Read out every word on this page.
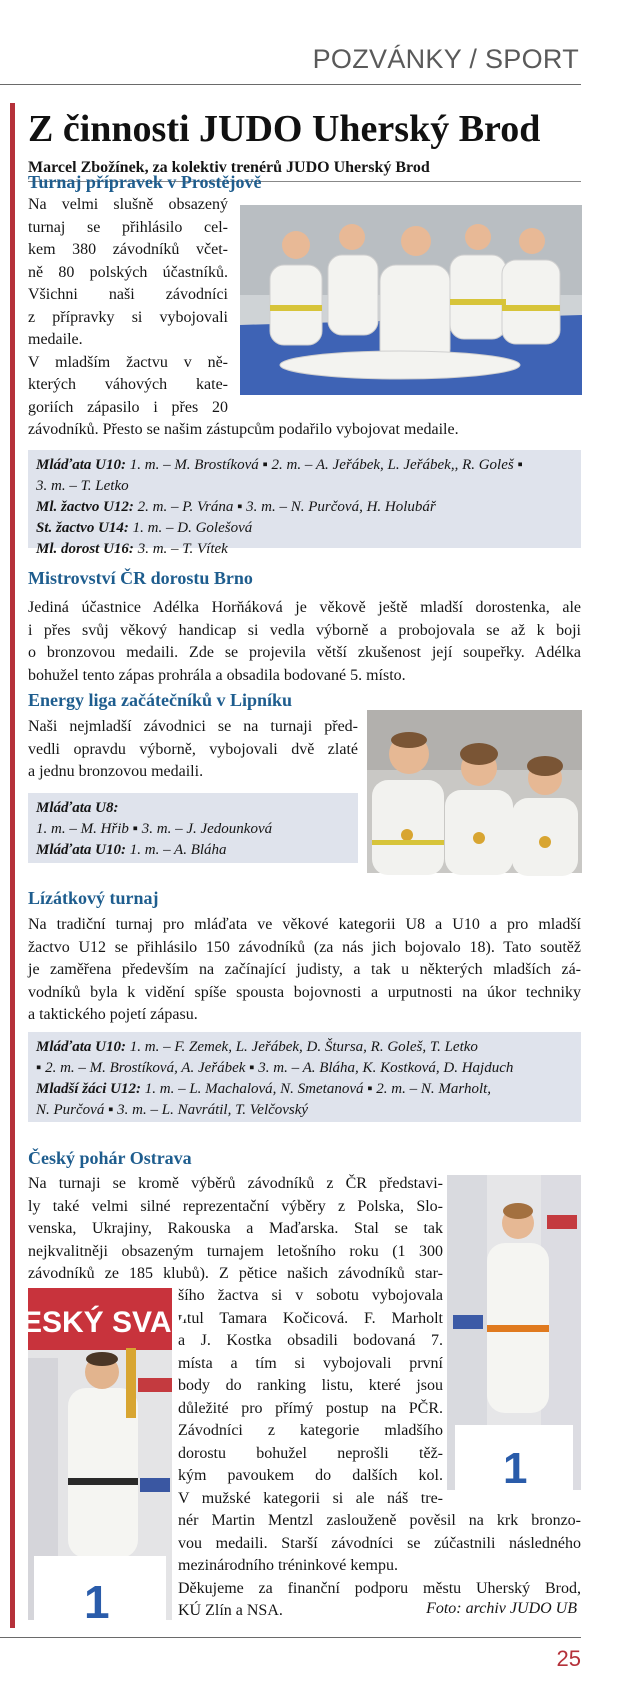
POZVÁNKY / SPORT
Z činnosti JUDO Uherský Brod
Marcel Zbožínek, za kolektiv trenérů JUDO Uherský Brod
Turnaj přípravek v Prostějově
Na velmi slušně obsazený
turnaj se přihlásilo cel-
kem 380 závodníků včet-
ně 80 polských účastníků.
Všichni naši závodníci
z přípravky si vybojovali
medaile.
V mladším žactvu v ně-
kterých váhových kate-
goriích zápasilo i přes 20
závodníků. Přesto se našim zástupcům podařilo vybojovat medaile.
Mláďata U10: 1. m. – M. Brostíková ▪ 2. m. – A. Jeřábek, L. Jeřábek,, R. Goleš ▪
3. m. – T. Letko
Ml. žactvo U12: 2. m. – P. Vrána ▪ 3. m. – N. Purčová, H. Holubář
St. žactvo U14: 1. m. – D. Golešová
Ml. dorost U16: 3. m. – T. Vítek
Mistrovství ČR dorostu Brno
Jediná účastnice Adélka Horňáková je věkově ještě mladší dorostenka, ale
i přes svůj věkový handicap si vedla výborně a probojovala se až k boji
o bronzovou medaili. Zde se projevila větší zkušenost její soupeřky. Adélka
bohužel tento zápas prohrála a obsadila bodované 5. místo.
Energy liga začátečníků v Lipníku
Naši nejmladší závodnici se na turnaji před-
vedli opravdu výborně, vybojovali dvě zlaté
a jednu bronzovou medaili.
Mláďata U8:
1. m. – M. Hřib ▪ 3. m. – J. Jedounková
Mláďata U10: 1. m. – A. Bláha
Lízátkový turnaj
Na tradiční turnaj pro mláďata ve věkové kategorii U8 a U10 a pro mladší
žactvo U12 se přihlásilo 150 závodníků (za nás jich bojovalo 18). Tato soutěž
je zaměřena především na začínající judisty, a tak u některých mladších zá-
vodníků byla k vidění spíše spousta bojovnosti a urputnosti na úkor techniky
a taktického pojetí zápasu.
Mláďata U10: 1. m. – F. Zemek, L. Jeřábek, D. Štursa, R. Goleš, T. Letko
▪ 2. m. – M. Brostíková, A. Jeřábek ▪ 3. m. – A. Bláha, K. Kostková, D. Hajduch
Mladší žáci U12: 1. m. – L. Machalová, N. Smetanová ▪ 2. m. – N. Marholt,
N. Purčová ▪ 3. m. – L. Navrátil, T. Velčovský
Český pohár Ostrava
Na turnaji se kromě výběrů závodníků z ČR představi-
ly také velmi silné reprezentační výběry z Polska, Slo-
venska, Ukrajiny, Rakouska a Maďarska. Stal se tak
nejkvalitněji obsazeným turnajem letošního roku (1 300
závodníků ze 185 klubů). Z pětice našich závodníků star-
šího žactva si v sobotu vybojovala
titul Tamara Kočicová. F. Marholt
a J. Kostka obsadili bodovaná 7.
místa a tím si vybojovali první
body do ranking listu, které jsou
důležité pro přímý postup na PČR.
Závodníci z kategorie mladšího
dorostu bohužel neprošli těž-
kým pavoukem do dalších kol.
V mužské kategorii si ale náš tre-
nér Martin Mentzl zaslouženě pověsil na krk bronzo-
vou medaili. Starší závodníci se zúčastnili následného
mezinárodního tréninkové kempu.
Děkujeme za finanční podporu městu Uherský Brod,
KÚ Zlín a NSA.
1
ESKÝ SVAZ
1	Foto: archiv JUDO UB
25
